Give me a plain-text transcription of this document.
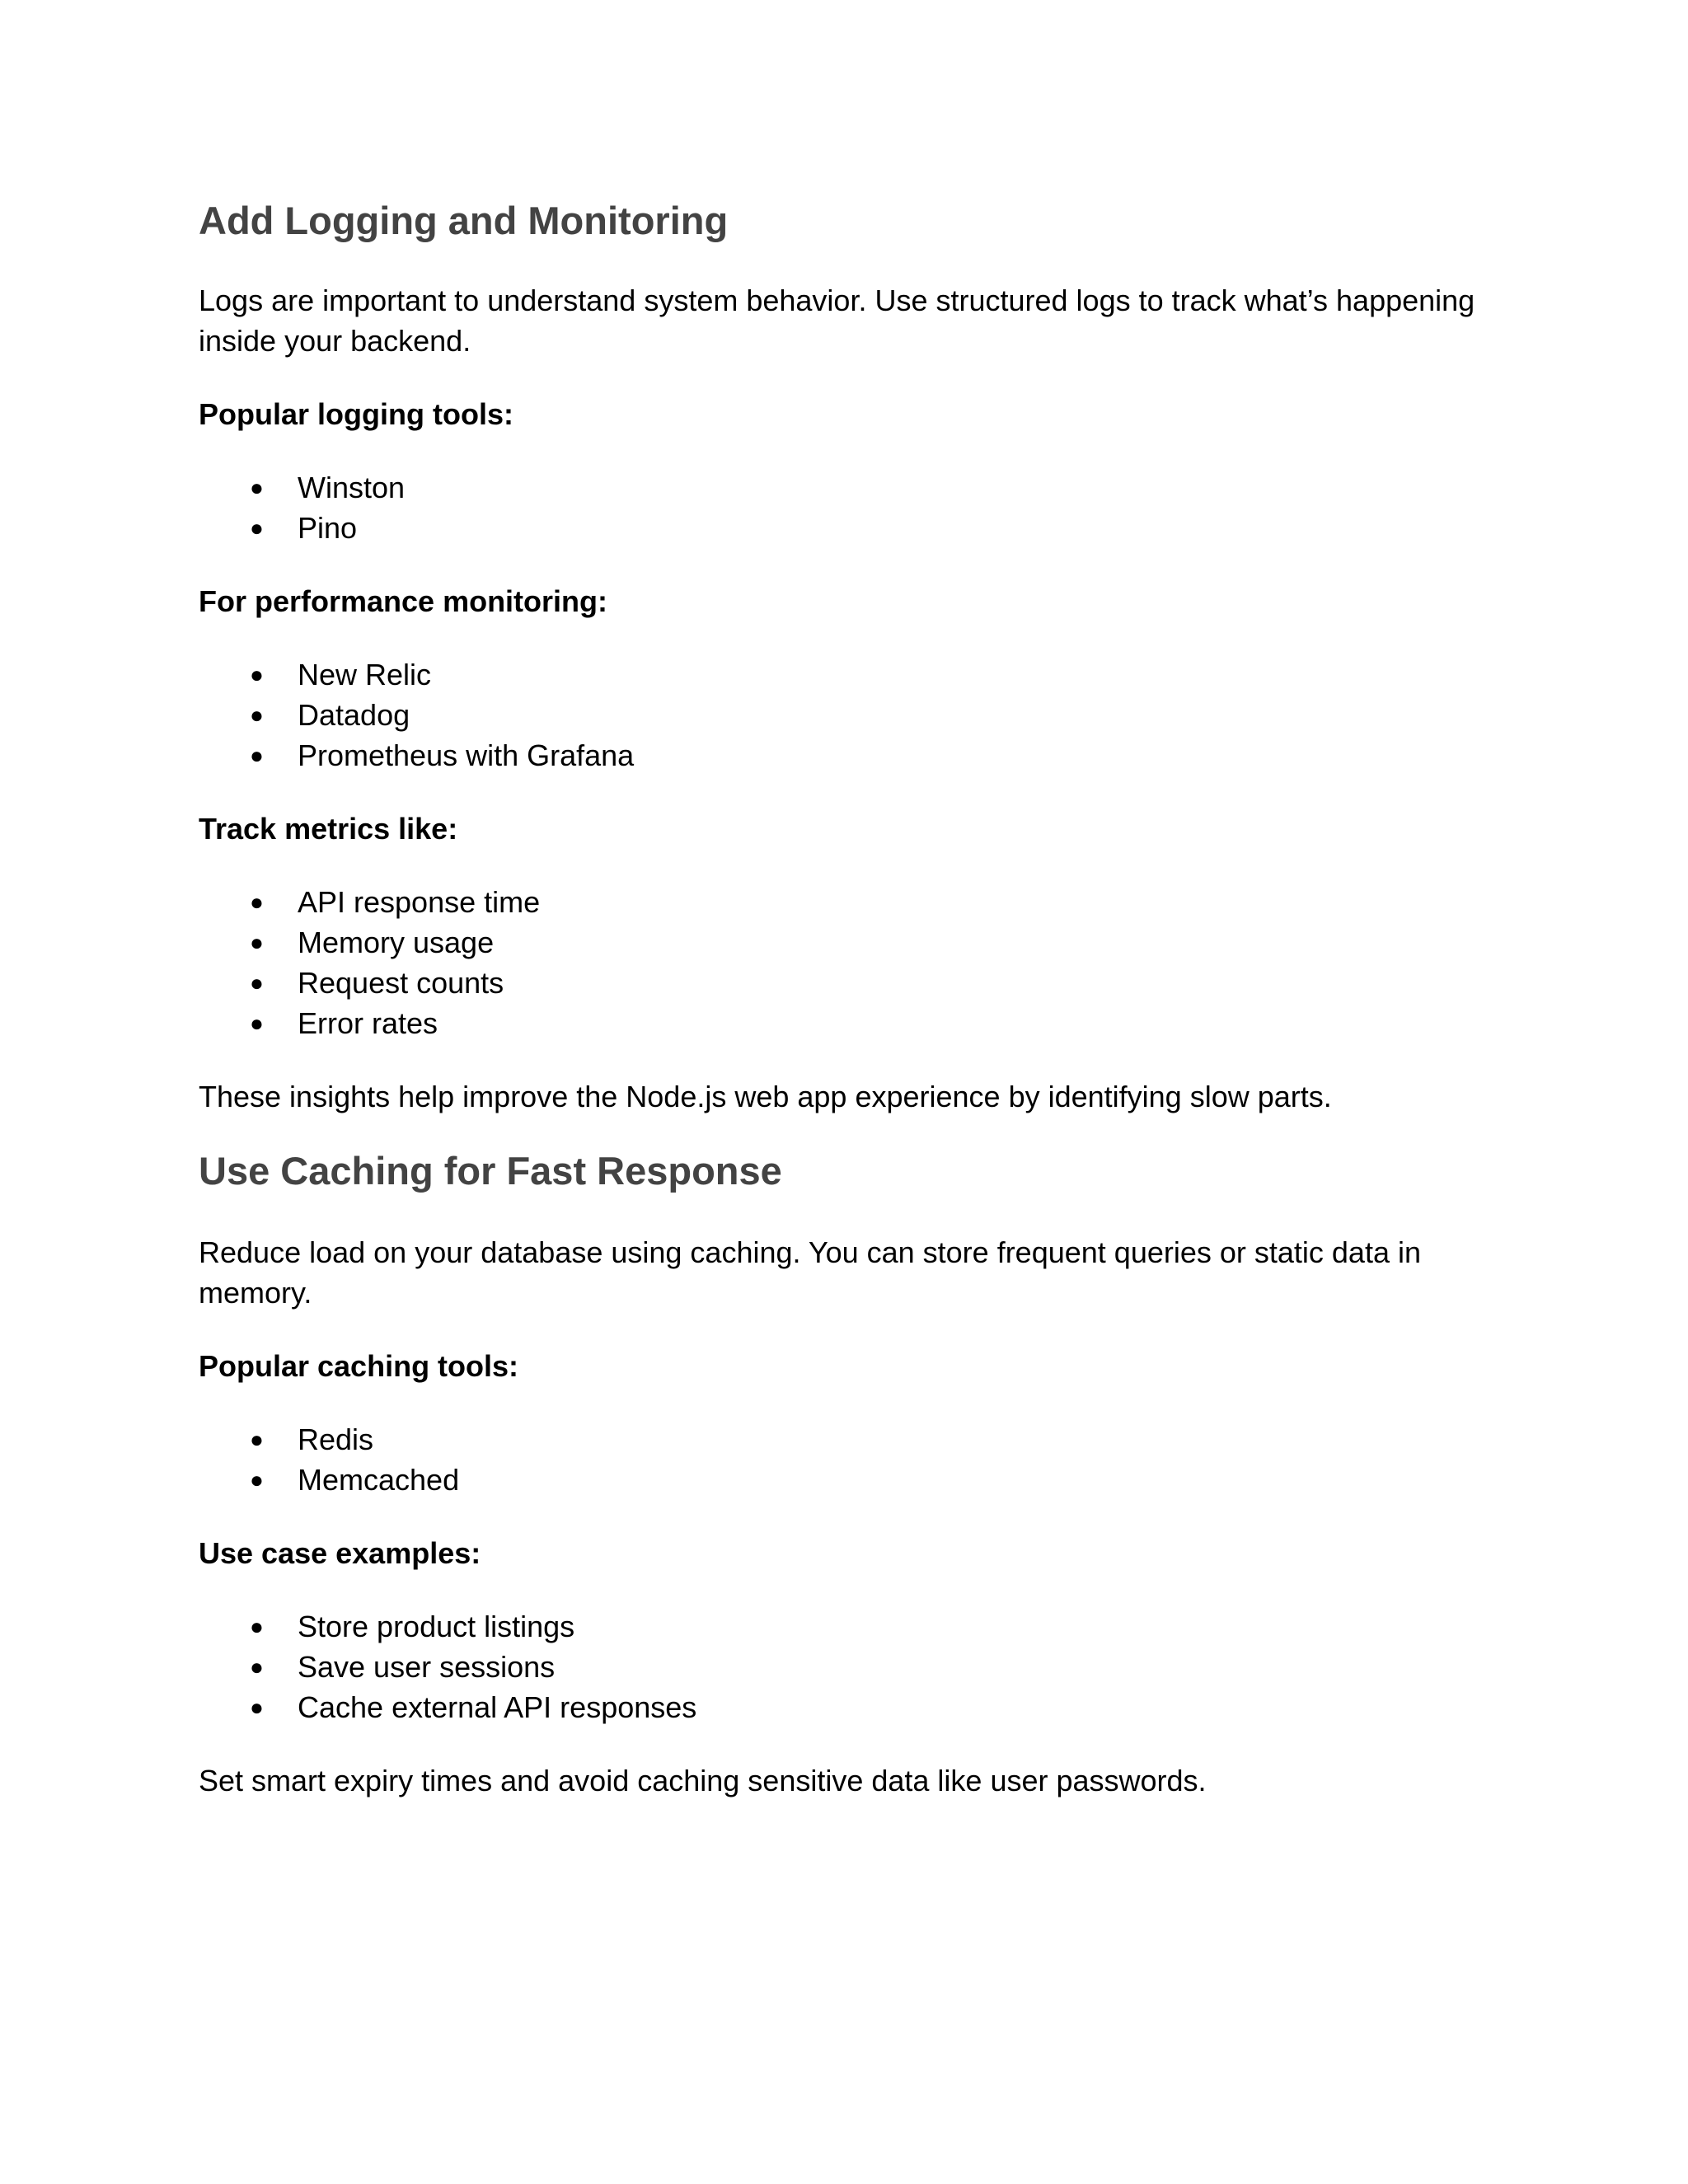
Add Logging and Monitoring

Logs are important to understand system behavior. Use structured logs to track what’s happening inside your backend.

Popular logging tools:

● Winston
● Pino

For performance monitoring:

● New Relic
● Datadog
● Prometheus with Grafana

Track metrics like:

● API response time
● Memory usage
● Request counts
● Error rates

These insights help improve the Node.js web app experience by identifying slow parts.

Use Caching for Fast Response

Reduce load on your database using caching. You can store frequent queries or static data in memory.

Popular caching tools:

● Redis
● Memcached

Use case examples:

● Store product listings
● Save user sessions
● Cache external API responses

Set smart expiry times and avoid caching sensitive data like user passwords.
